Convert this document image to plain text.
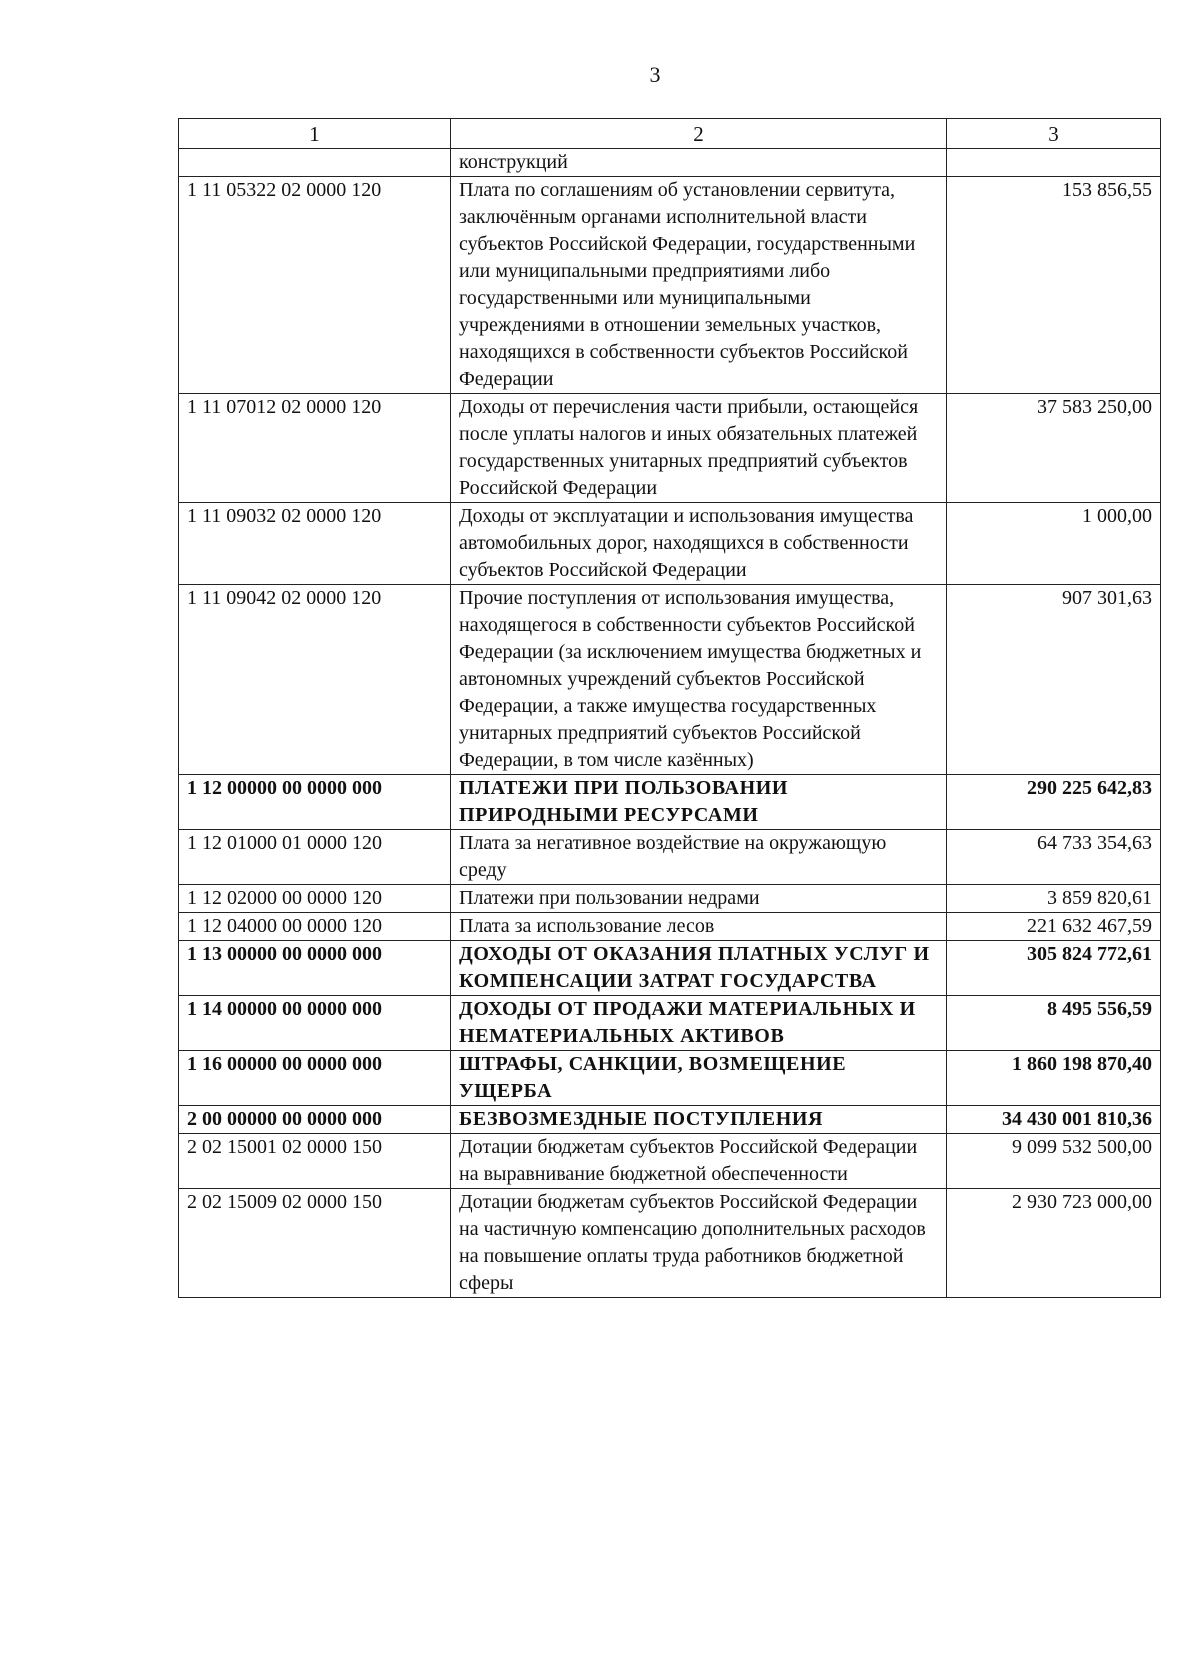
3
1	2	3
	конструкций	
1 11 05322 02 0000 120	Плата по соглашениям об установлении сервитута, заключённым органами исполнительной власти субъектов Российской Федерации, государственными или муниципальными предприятиями либо государственными или муниципальными учреждениями в отношении земельных участков, находящихся в собственности субъектов Российской Федерации	153 856,55
1 11 07012 02 0000 120	Доходы от перечисления части прибыли, остающейся после уплаты налогов и иных обязательных платежей государственных унитарных предприятий субъектов Российской Федерации	37 583 250,00
1 11 09032 02 0000 120	Доходы от эксплуатации и использования имущества автомобильных дорог, находящихся в собственности субъектов Российской Федерации	1 000,00
1 11 09042 02 0000 120	Прочие поступления от использования имущества, находящегося в собственности субъектов Российской Федерации (за исключением имущества бюджетных и автономных учреждений субъектов Российской Федерации, а также имущества государственных унитарных предприятий субъектов Российской Федерации, в том числе казённых)	907 301,63
1 12 00000 00 0000 000	ПЛАТЕЖИ ПРИ ПОЛЬЗОВАНИИ ПРИРОДНЫМИ РЕСУРСАМИ	290 225 642,83
1 12 01000 01 0000 120	Плата за негативное воздействие на окружающую среду	64 733 354,63
1 12 02000 00 0000 120	Платежи при пользовании недрами	3 859 820,61
1 12 04000 00 0000 120	Плата за использование лесов	221 632 467,59
1 13 00000 00 0000 000	ДОХОДЫ ОТ ОКАЗАНИЯ ПЛАТНЫХ УСЛУГ И КОМПЕНСАЦИИ ЗАТРАТ ГОСУДАРСТВА	305 824 772,61
1 14 00000 00 0000 000	ДОХОДЫ ОТ ПРОДАЖИ МАТЕРИАЛЬНЫХ И НЕМАТЕРИАЛЬНЫХ АКТИВОВ	8 495 556,59
1 16 00000 00 0000 000	ШТРАФЫ, САНКЦИИ, ВОЗМЕЩЕНИЕ УЩЕРБА	1 860 198 870,40
2 00 00000 00 0000 000	БЕЗВОЗМЕЗДНЫЕ ПОСТУПЛЕНИЯ	34 430 001 810,36
2 02 15001 02 0000 150	Дотации бюджетам субъектов Российской Федерации на выравнивание бюджетной обеспеченности	9 099 532 500,00
2 02 15009 02 0000 150	Дотации бюджетам субъектов Российской Федерации на частичную компенсацию дополнительных расходов на повышение оплаты труда работников бюджетной сферы	2 930 723 000,00
